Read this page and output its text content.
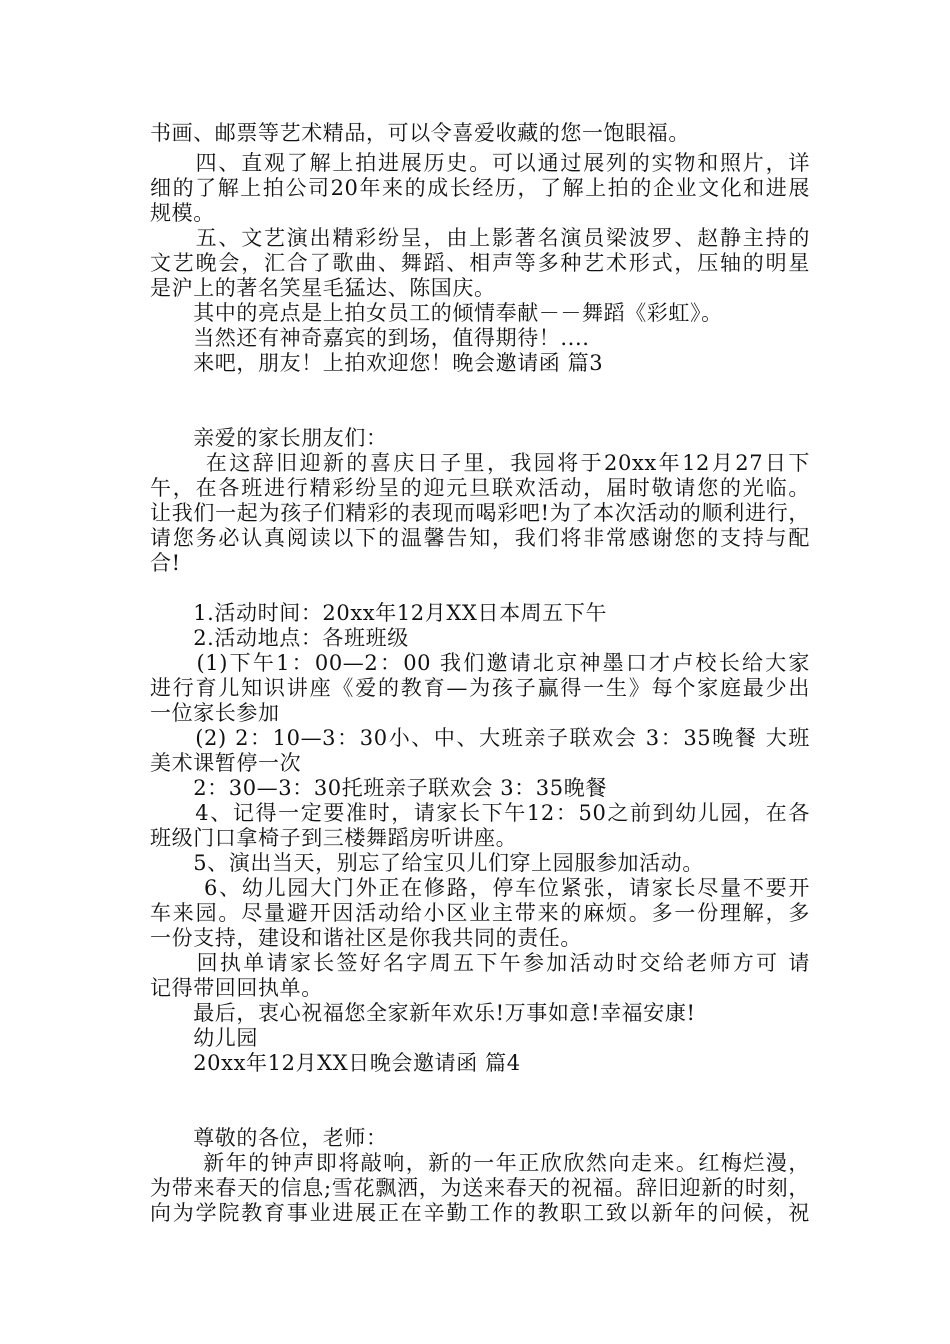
书画、邮票等艺术精品，可以令喜爱收藏的您一饱眼福。
　　四、直观了解上拍进展历史。可以通过展列的实物和照片，详
细的了解上拍公司20年来的成长经历，了解上拍的企业文化和进展
规模。
　　五、文艺演出精彩纷呈，由上影著名演员梁波罗、赵静主持的
文艺晚会，汇合了歌曲、舞蹈、相声等多种艺术形式，压轴的明星
是沪上的著名笑星毛猛达、陈国庆。
　　其中的亮点是上拍女员工的倾情奉献－－舞蹈《彩虹》。
　　当然还有神奇嘉宾的到场，值得期待！....
　　来吧，朋友！上拍欢迎您！晚会邀请函 篇3
　　亲爱的家长朋友们：
　　 在这辞旧迎新的喜庆日子里，我园将于20xx年12月27日下
午，在各班进行精彩纷呈的迎元旦联欢活动，届时敬请您的光临。
让我们一起为孩子们精彩的表现而喝彩吧!为了本次活动的顺利进行，
请您务必认真阅读以下的温馨告知，我们将非常感谢您的支持与配
合!
　　1.活动时间：20xx年12月XX日本周五下午
　　2.活动地点：各班班级
　　(1)下午1：00—2：00 我们邀请北京神墨口才卢校长给大家
进行育儿知识讲座《爱的教育—为孩子赢得一生》每个家庭最少出
一位家长参加
　　(2) 2：10—3：30小、中、大班亲子联欢会 3：35晚餐 大班
美术课暂停一次
　　2：30—3：30托班亲子联欢会 3：35晚餐
　　4、记得一定要准时，请家长下午12：50之前到幼儿园，在各
班级门口拿椅子到三楼舞蹈房听讲座。
　　5、演出当天，别忘了给宝贝儿们穿上园服参加活动。
　　 6、幼儿园大门外正在修路，停车位紧张，请家长尽量不要开
车来园。尽量避开因活动给小区业主带来的麻烦。多一份理解，多
一份支持，建设和谐社区是你我共同的责任。
　　回执单请家长签好名字周五下午参加活动时交给老师方可 请
记得带回回执单。
　　最后，衷心祝福您全家新年欢乐!万事如意!幸福安康!
　　幼儿园
　　20xx年12月XX日晚会邀请函 篇4
　　尊敬的各位，老师：
　　 新年的钟声即将敲响，新的一年正欣欣然向走来。红梅烂漫，
为带来春天的信息;雪花飘洒，为送来春天的祝福。辞旧迎新的时刻，
向为学院教育事业进展正在辛勤工作的教职工致以新年的问候，祝
